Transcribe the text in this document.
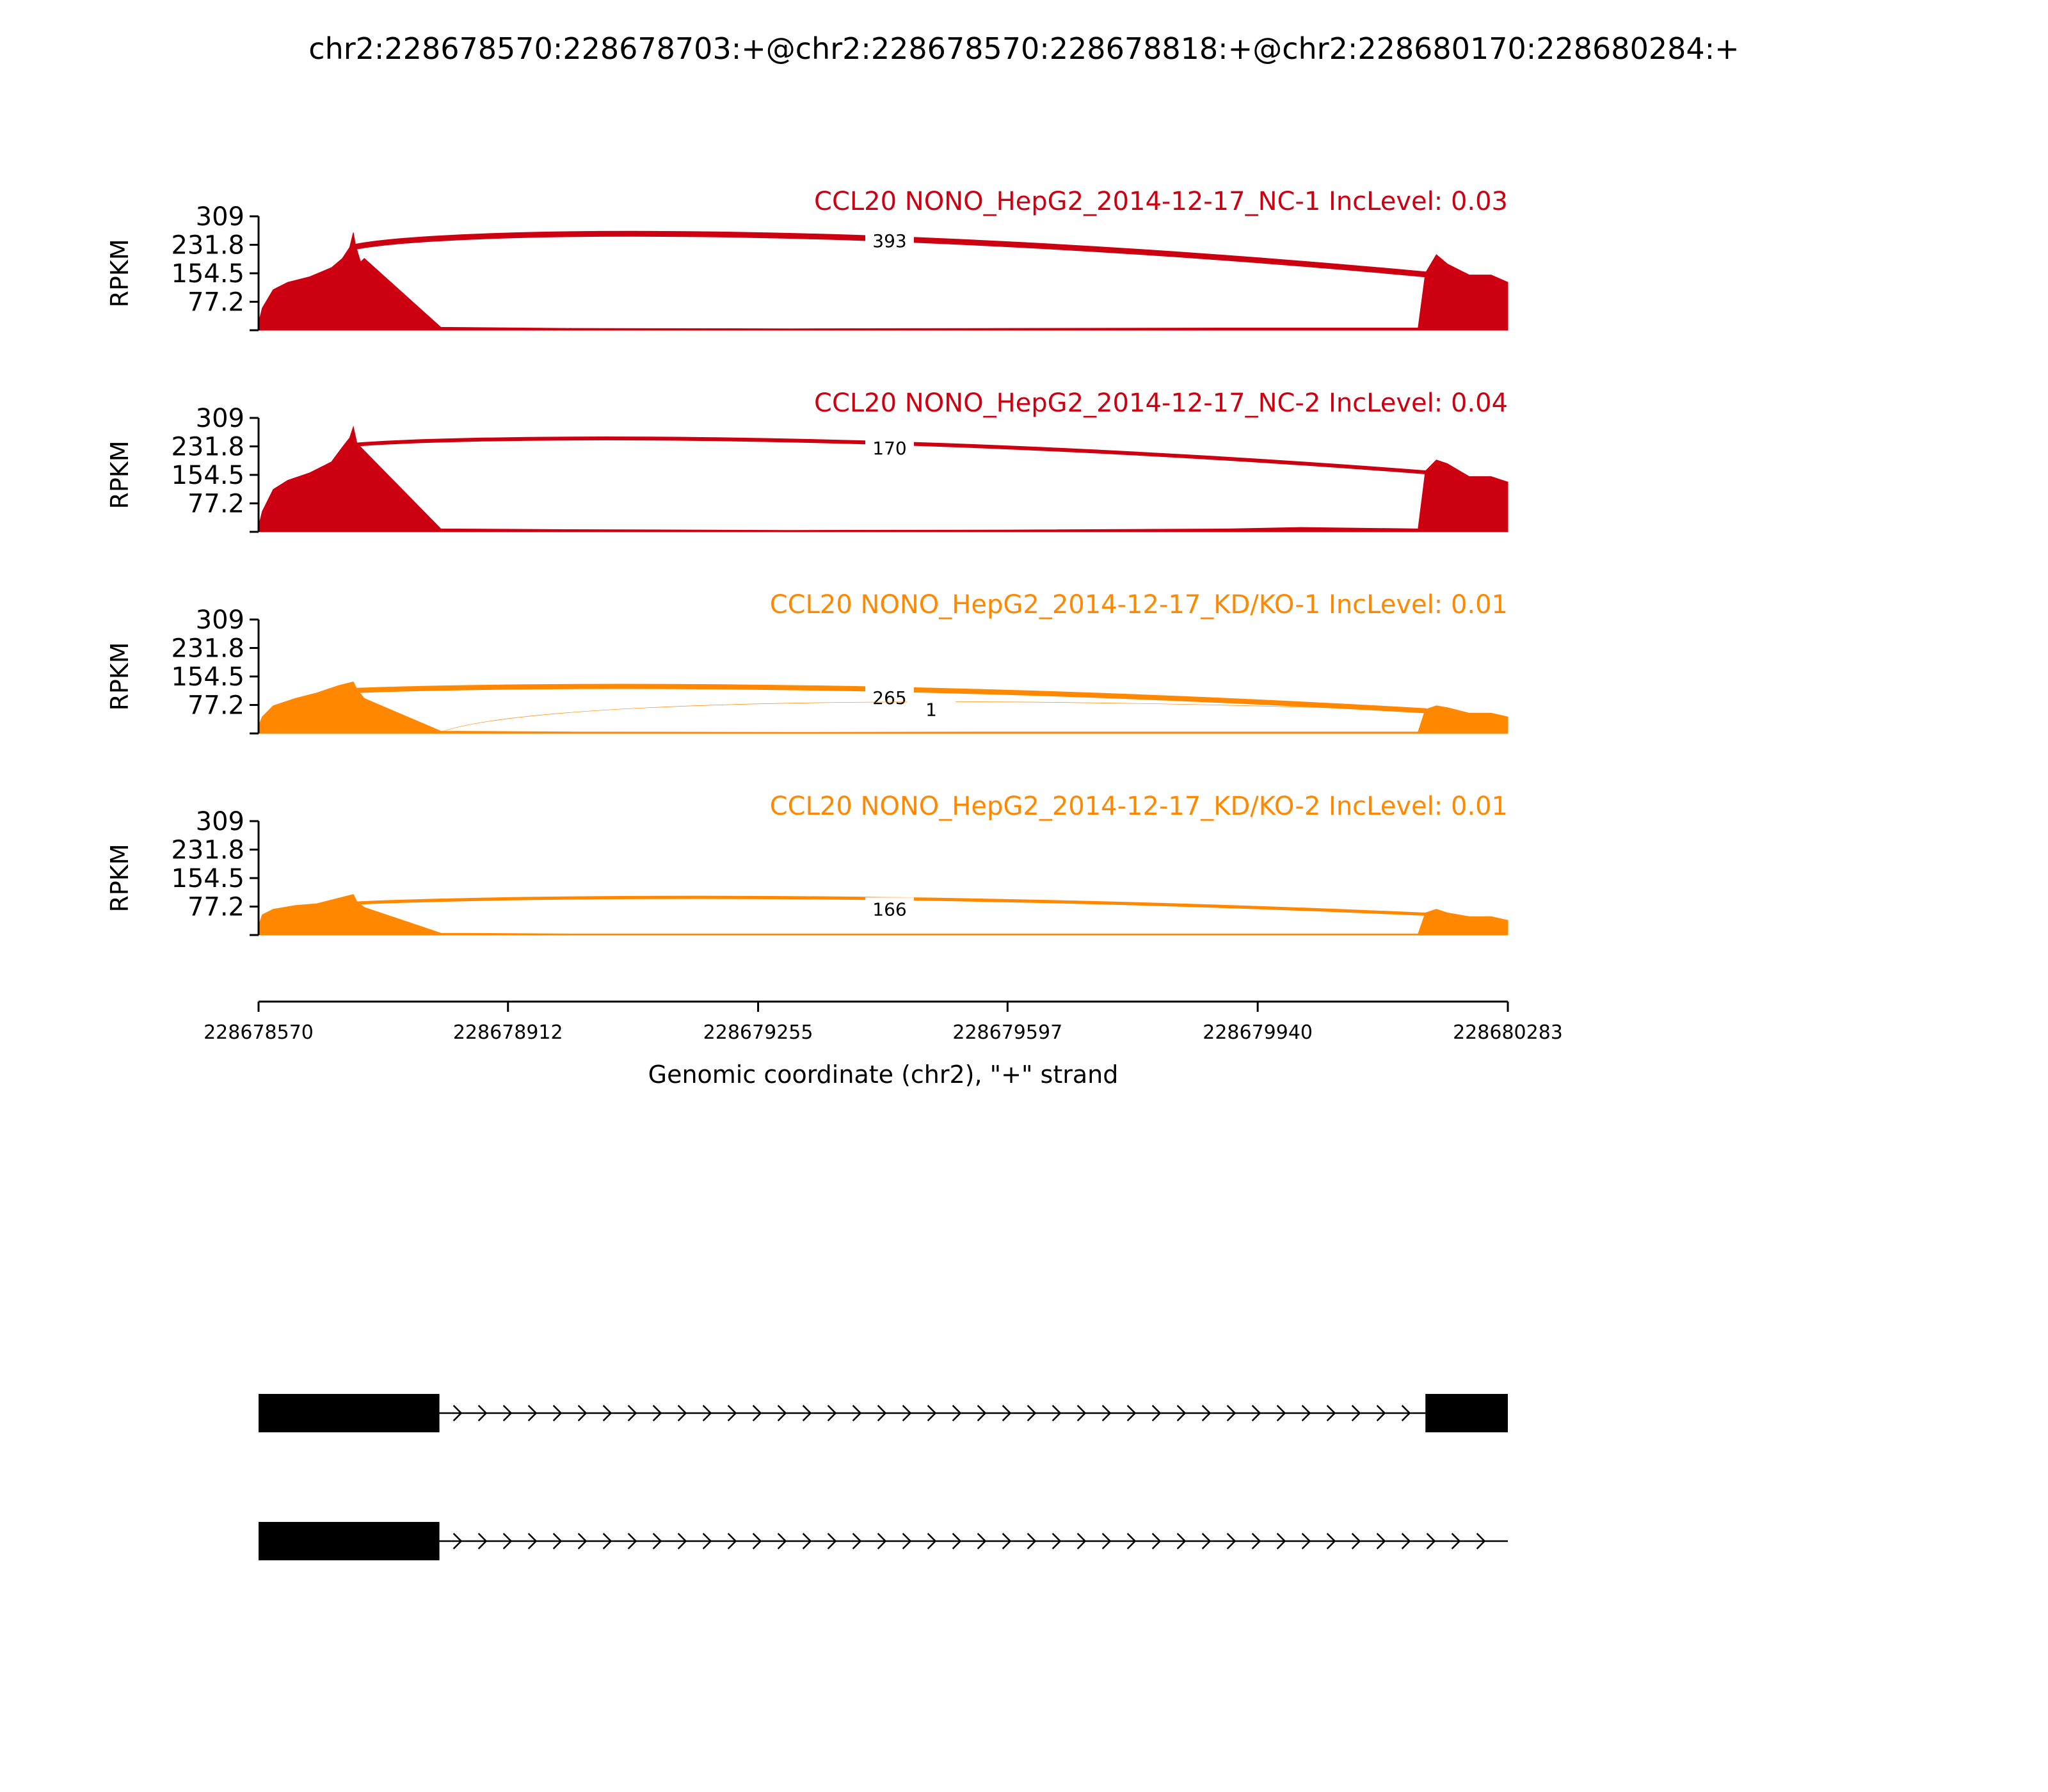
chr2:228678570:228678703:+@chr2:228678570:228678818:+@chr2:228680170:228680284:+
393
CCL20 NONO_HepG2_2014-12-17_NC-1 IncLevel: 0.03
77.2
154.5
231.8
309
RPKM
170
CCL20 NONO_HepG2_2014-12-17_NC-2 IncLevel: 0.04
77.2
154.5
231.8
309
RPKM
265
1
CCL20 NONO_HepG2_2014-12-17_KD/KO-1 IncLevel: 0.01
77.2
154.5
231.8
309
RPKM
166
CCL20 NONO_HepG2_2014-12-17_KD/KO-2 IncLevel: 0.01
77.2
154.5
231.8
309
RPKM
228678570	228678912	228679255	228679597	228679940	228680283
Genomic coordinate (chr2), "+" strand
